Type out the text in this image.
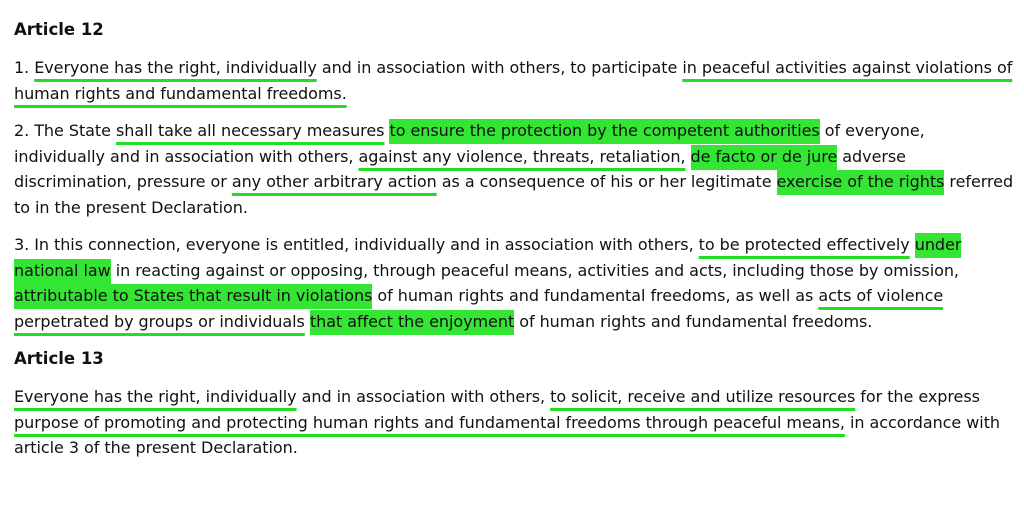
Article 12

1. Everyone has the right, individually and in association with others, to participate in peaceful activities against violations of human rights and fundamental freedoms.

2. The State shall take all necessary measures to ensure the protection by the competent authorities of everyone, individually and in association with others, against any violence, threats, retaliation, de facto or de jure adverse discrimination, pressure or any other arbitrary action as a consequence of his or her legitimate exercise of the rights referred to in the present Declaration.

3. In this connection, everyone is entitled, individually and in association with others, to be protected effectively under national law in reacting against or opposing, through peaceful means, activities and acts, including those by omission, attributable to States that result in violations of human rights and fundamental freedoms, as well as acts of violence perpetrated by groups or individuals that affect the enjoyment of human rights and fundamental freedoms.

Article 13

Everyone has the right, individually and in association with others, to solicit, receive and utilize resources for the express purpose of promoting and protecting human rights and fundamental freedoms through peaceful means, in accordance with article 3 of the present Declaration.
